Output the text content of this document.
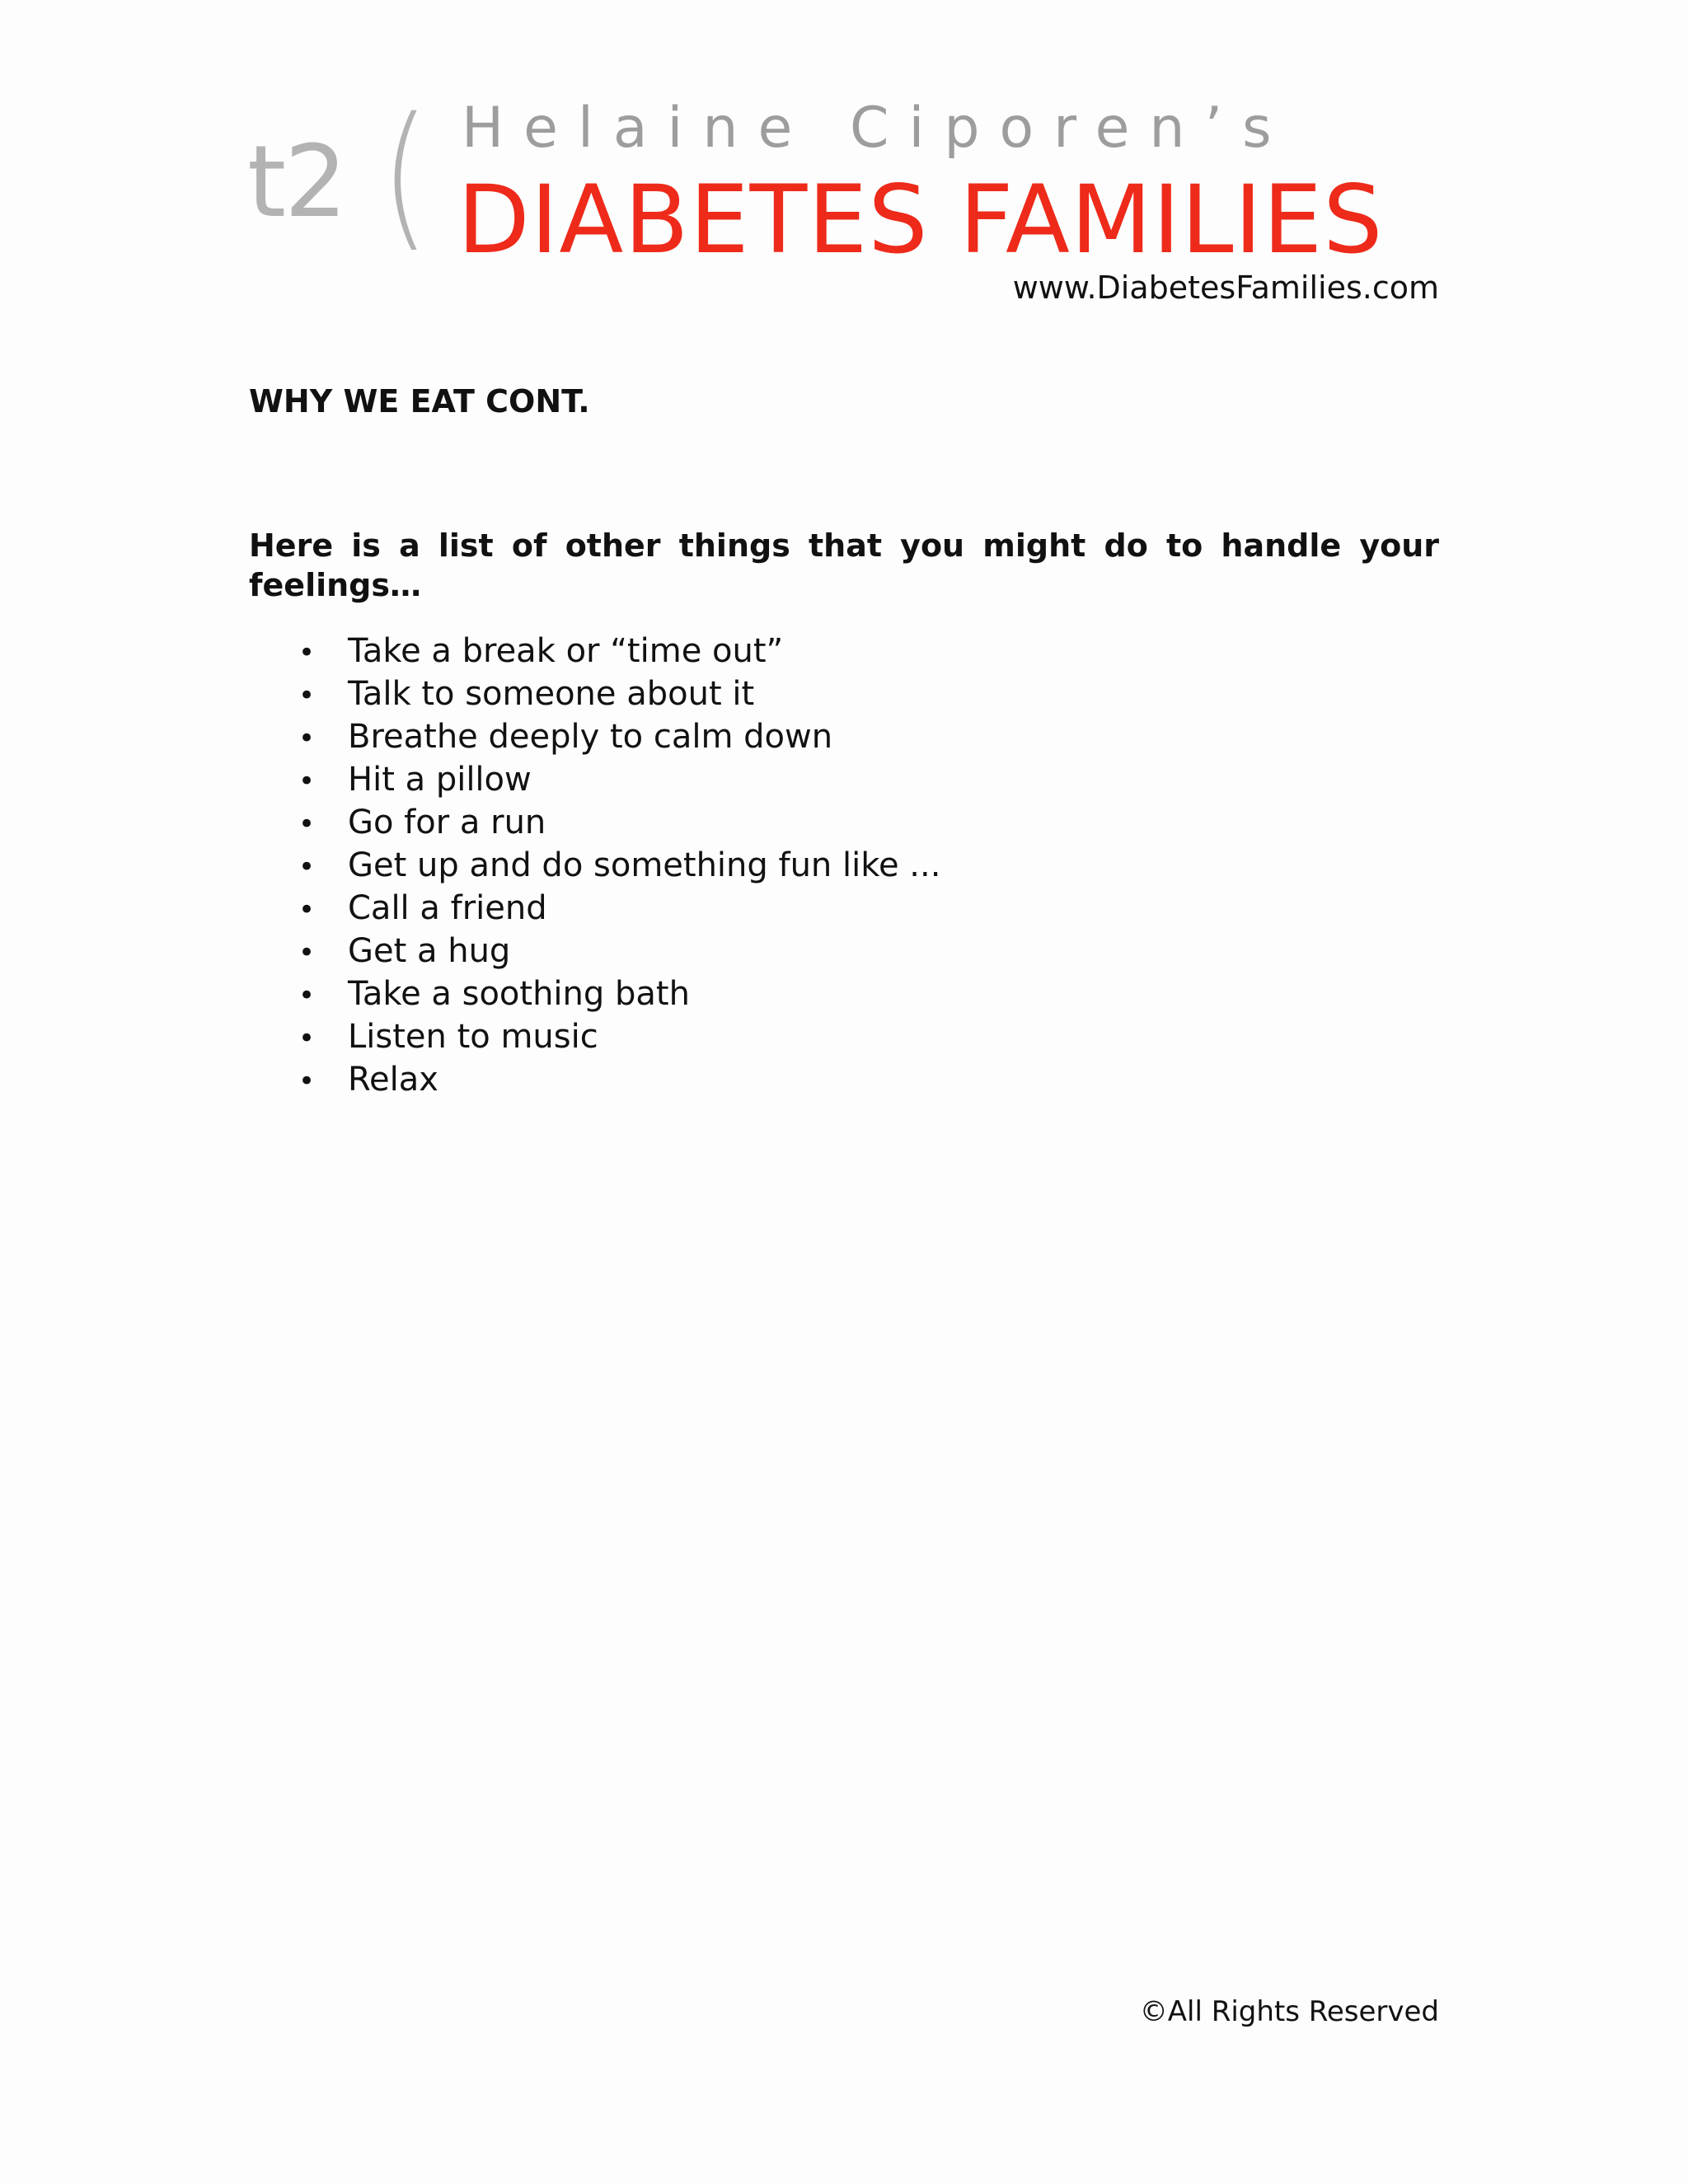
t2 ( Helaine Ciporen’s
DIABETES FAMILIES
www.DiabetesFamilies.com
WHY WE EAT CONT.

Here is a list of other things that you might do to handle your feelings…

• Take a break or “time out”
• Talk to someone about it
• Breathe deeply to calm down
• Hit a pillow
• Go for a run
• Get up and do something fun like ...
• Call a friend
• Get a hug
• Take a soothing bath
• Listen to music
• Relax
©All Rights Reserved
